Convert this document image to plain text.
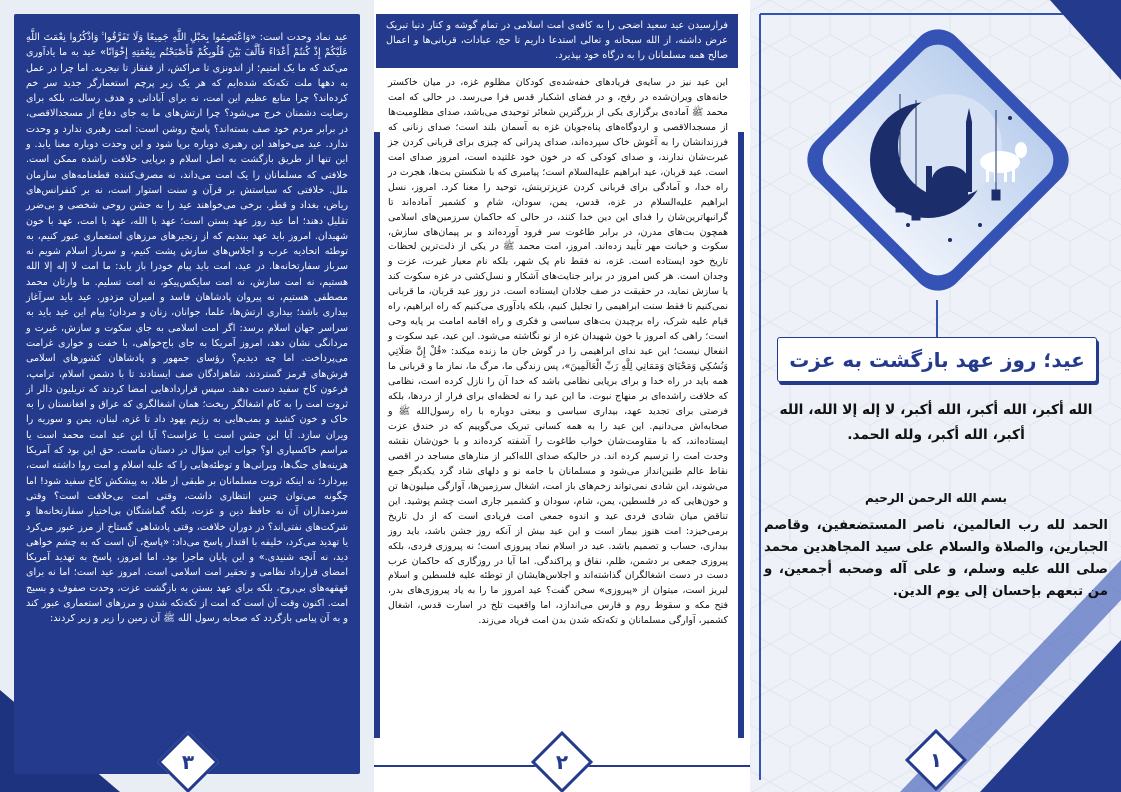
عید نماد وحدت است: «وَاعْتَصِمُوا بِحَبْلِ اللَّهِ جَمِيعًا وَلَا تَفَرَّقُوا ۚ وَاذْكُرُوا نِعْمَتَ اللَّهِ عَلَيْكُمْ إِذْ كُنتُمْ أَعْدَاءً فَأَلَّفَ بَيْنَ قُلُوبِكُمْ فَأَصْبَحْتُم بِنِعْمَتِهِ إِخْوَانًا» عید به ما یادآوری می‌کند که ما یک امتیم؛ از اندونزی تا مراکش، از قفقاز تا نیجریه. اما چرا در عمل به دهها ملت تکه‌تکه شده‌ایم که هر یک زیر پرچم استعمارگر جدید سر خم کرده‌اند؟ چرا منابع عظیم این امت، نه برای آبادانی و هدف رسالت، بلکه برای رضایت دشمنان خرج می‌شود؟ چرا ارتش‌های ما به جای دفاع از مسجدالاقصی، در برابر مردم خود صف بسته‌اند؟ پاسخ روشن است: امت رهبری ندارد و وحدت ندارد. عید می‌خواهد این رهبری دوباره برپا شود و این وحدت دوباره معنا یابد. و این تنها از طریق بازگشت به اصل اسلام و برپایی خلافت راشده ممکن است. خلافتی که مسلمانان را یک امت می‌داند، نه مصرف‌کننده قطعنامه‌های سازمان ملل. خلافتی که سیاستش بر قرآن و سنت استوار است، نه بر کنفرانس‌های ریاض، بغداد و قطر. برخی می‌خواهند عید را به جشن روحی شخصی و بی‌ضرر تقلیل دهند؛ اما عید روز عهد بستن است؛ عهد با الله، عهد با امت، عهد با خون شهیدان. امروز باید عهد ببندیم که از زنجیرهای مرزهای استعماری عبور کنیم، به توطئه اتحادیه عرب و اجلاس‌های سازش پشت کنیم، و سرباز اسلام شویم نه سرباز سفارتخانه‌ها. در عید، امت باید پیام خودرا باز یابد: ما امت لا إله إلا الله هستیم، نه امت سازش، نه امت سایکس‌پیکو، نه امت تسلیم. ما وارثان محمد مصطفی هستیم، نه پیروان پادشاهان فاسد و امیران مزدور. عید باید سرآغاز بیداری باشد؛ بیداری ارتش‌ها، علما، جوانان، زنان و مردان؛ پیام این عید باید به سراسر جهان اسلام برسد: اگر امت اسلامی به جای سکوت و سازش، غیرت و مردانگی نشان دهد، امروز آمریکا به جای باج‌خواهی، با خفت و خواری غرامت می‌پرداخت. اما چه دیدیم؟ رؤسای جمهور و پادشاهان کشورهای اسلامی فرش‌های قرمز گستردند، شاهزادگان صف ایستادند تا با دشمن اسلام، ترامپ، فرعون کاخ سفید دست دهند. سپس قراردادهایی امضا کردند که تریلیون دالر از ثروت امت را به کام اشغالگر ریخت؛ همان اشغالگری که عراق و افغانستان را به خاک و خون کشید و بمب‌هایی به رژیم یهود داد تا غزه، لبنان، یمن و سوریه را ویران سازد. آیا این جشن است یا عزاست؟ آیا این عید امت محمد است یا مراسم خاکسپاری او؟ جواب این سؤال در دستان ماست. حق این بود که آمریکا هزینه‌های جنگ‌ها، ویرانی‌ها و توطئه‌هایی را که علیه اسلام و امت روا داشته است، بپردازد؛ نه اینکه ثروت مسلمانان بر طبقی از طلا، به پیشکش کاخ سفید شود! اما چگونه می‌توان چنین انتظاری داشت، وقتی امت بی‌خلافت است؟ وقتی سردمداران آن نه حافظ دین و عزت، بلکه گماشتگان بی‌اختیار سفارتخانه‌ها و شرکت‌های نفتی‌اند؟ در دوران خلافت، وقتی پادشاهی گستاخ از مرز عبور می‌کرد یا تهدید می‌کرد، خلیفه با اقتدار پاسخ می‌داد: «پاسخ، آن است که به چشم خواهی دید، نه آنچه شنیدی.» و این پایان ماجرا بود. اما امروز، پاسخ به تهدید آمریکا امضای قرارداد نظامی و تحقیر امت اسلامی است. امروز عید است؛ اما نه برای قهقهه‌های بی‌روح، بلکه برای عهد بستن به بازگشت عزت، وحدت صفوف و بسیج امت. اکنون وقت آن است که امت از تکه‌تکه شدن و مرزهای استعماری عبور کند و به آن پیامی بازگردد که صحابه رسول الله ﷺ آن زمین را زیر و زبر کردند:

۳

فرارسیدن عید سعید اضحی را به کافه‌ی امت اسلامی در تمام گوشه و کنار دنیا تبریک عرض داشته، از الله سبحانه و تعالی استدعا داریم تا حج، عبادات، قربانی‌ها و اعمال صالح همه مسلمانان را به درگاه خود بپذیرد.

این عید نیز در سایه‌ی فریادهای خفه‌شده‌ی کودکان مظلوم غزه، در میان خاکستر خانه‌های ویران‌شده در رفح، و در فضای اشکبار قدس فرا می‌رسد. در حالی که امت محمد ﷺ آماده‌ی برگزاری یکی از بزرگترین شعائر توحیدی می‌باشد، صدای مظلومیت‌ها از مسجدالاقصی و اردوگاه‌های پناه‌جویان غزه به آسمان بلند است؛ صدای زنانی که فرزندانشان را به آغوش خاک سپرده‌اند، صدای پدرانی که چیزی برای قربانی کردن جز غیرت‌شان ندارند، و صدای کودکی که در خون خود غلتیده است، امروز صدای امت است. عید قربان، عید ابراهیم علیه‌السلام است؛ پیامبری که با شکستن بت‌ها، هجرت در راه خدا، و آمادگی برای قربانی کردن عزیزترینش، توحید را معنا کرد. امروز، نسل ابراهیم علیه‌السلام در غزه، قدس، یمن، سودان، شام و کشمیر آماده‌اند تا گرانبهاترین‌شان را فدای این دین خدا کنند، در حالی که حاکمان سرزمین‌های اسلامی همچون بت‌های مدرن، در برابر طاغوت سر فرود آورده‌اند و بر پیمان‌های سازش، سکوت و خیانت مهر تأیید زده‌اند. امروز، امت محمد ﷺ در یکی از ذلت‌ترین لحظات تاریخ خود ایستاده است. غزه، نه فقط نام یک شهر، بلکه نام معیار غیرت، عزت و وجدان است. هر کس امروز در برابر جنایت‌های آشکار و نسل‌کشی در غزه سکوت کند یا سازش نماید، در حقیقت در صف جلادان ایستاده است. در روز عید قربان، ما قربانی نمی‌کنیم تا فقط سنت ابراهیمی را تجلیل کنیم، بلکه یادآوری می‌کنیم که راه ابراهیم، راه قیام علیه شرک، راه برچیدن بت‌های سیاسی و فکری و راه اقامه امامت بر پایه وحی است؛ راهی که امروز با خون شهیدان غزه از نو نگاشته می‌شود. این عید، عید سکوت و انفعال نیست؛ این عید ندای ابراهیمی را در گوش جان ما زنده میکند: «قُلْ إِنَّ صَلَاتِي وَنُسُكِي وَمَحْيَايَ وَمَمَاتِي لِلَّهِ رَبِّ الْعَالَمِينَ»، پس زندگی ما، مرگ ما، نماز ما و قربانی ما همه باید در راه خدا و برای برپایی نظامی باشد که خدا آن را نازل کرده است، نظامی که خلافت راشده‌ای بر منهاج نبوت. ما این عید را نه لحظه‌ای برای فرار از دردها، بلکه فرصتی برای تجدید عهد، بیداری سیاسی و بیعتی دوباره با راه رسول‌الله ﷺ و صحابه‌اش می‌دانیم. این عید را به همه کسانی تبریک می‌گوییم که در خندق عزت ایستاده‌اند، که با مقاومت‌شان خواب طاغوت را آشفته کرده‌اند و با خون‌شان نقشه وحدت امت را ترسیم کرده اند. در حالیکه صدای الله‌اکبر از منارهای مساجد در اقصی نقاط عالم طنین‌انداز می‌شود و مسلمانان با جامه نو و دلهای شاد گرد یکدیگر جمع می‌شوند، این شادی نمی‌تواند زخم‌های باز امت، اشغال سرزمین‌ها، آوارگی میلیون‌ها تن و خون‌هایی که در فلسطین، یمن، شام، سودان و کشمیر جاری است چشم پوشید. این تناقض میان شادی فردی عید و اندوه جمعی امت فریادی است که از دل تاریخ برمی‌خیزد: امت هنوز بیمار است و این عید بیش از آنکه روز جشن باشد، باید روز بیداری، حساب و تصمیم باشد. عید در اسلام نماد پیروزی است؛ نه پیروزی فردی، بلکه پیروزی جمعی بر دشمن، ظلم، نفاق و پراکندگی. اما آیا در روزگاری که حاکمان عرب دست در دست اشغالگران گذاشته‌اند و اجلاس‌هایشان از توطئه علیه فلسطین و اسلام لبریز است، میتوان از «پیروزی» سخن گفت؟ عید امروز ما را به یاد پیروزی‌های بدر، فتح مکه و سقوط روم و فارس می‌اندازد، اما واقعیت تلخ در اسارت قدس، اشغال کشمیر، آوارگی مسلمانان و تکه‌تکه شدن بدن امت فریاد می‌زند.

۲
عید؛ روز عهد بازگشت به عزت
الله أكبر، الله أكبر، الله أكبر، لا إله إلا الله، الله أكبر، الله أكبر، ولله الحمد.
بسم الله الرحمن الرحيم
الحمد لله رب العالمين، ناصر المستضعفين، وقاصم الجبارين، والصلاة والسلام على سيد المجاهدين محمد صلى الله عليه وسلم، و على آله وصحبه أجمعين، و من تبعهم بإحسان إلى يوم الدين.
۱
